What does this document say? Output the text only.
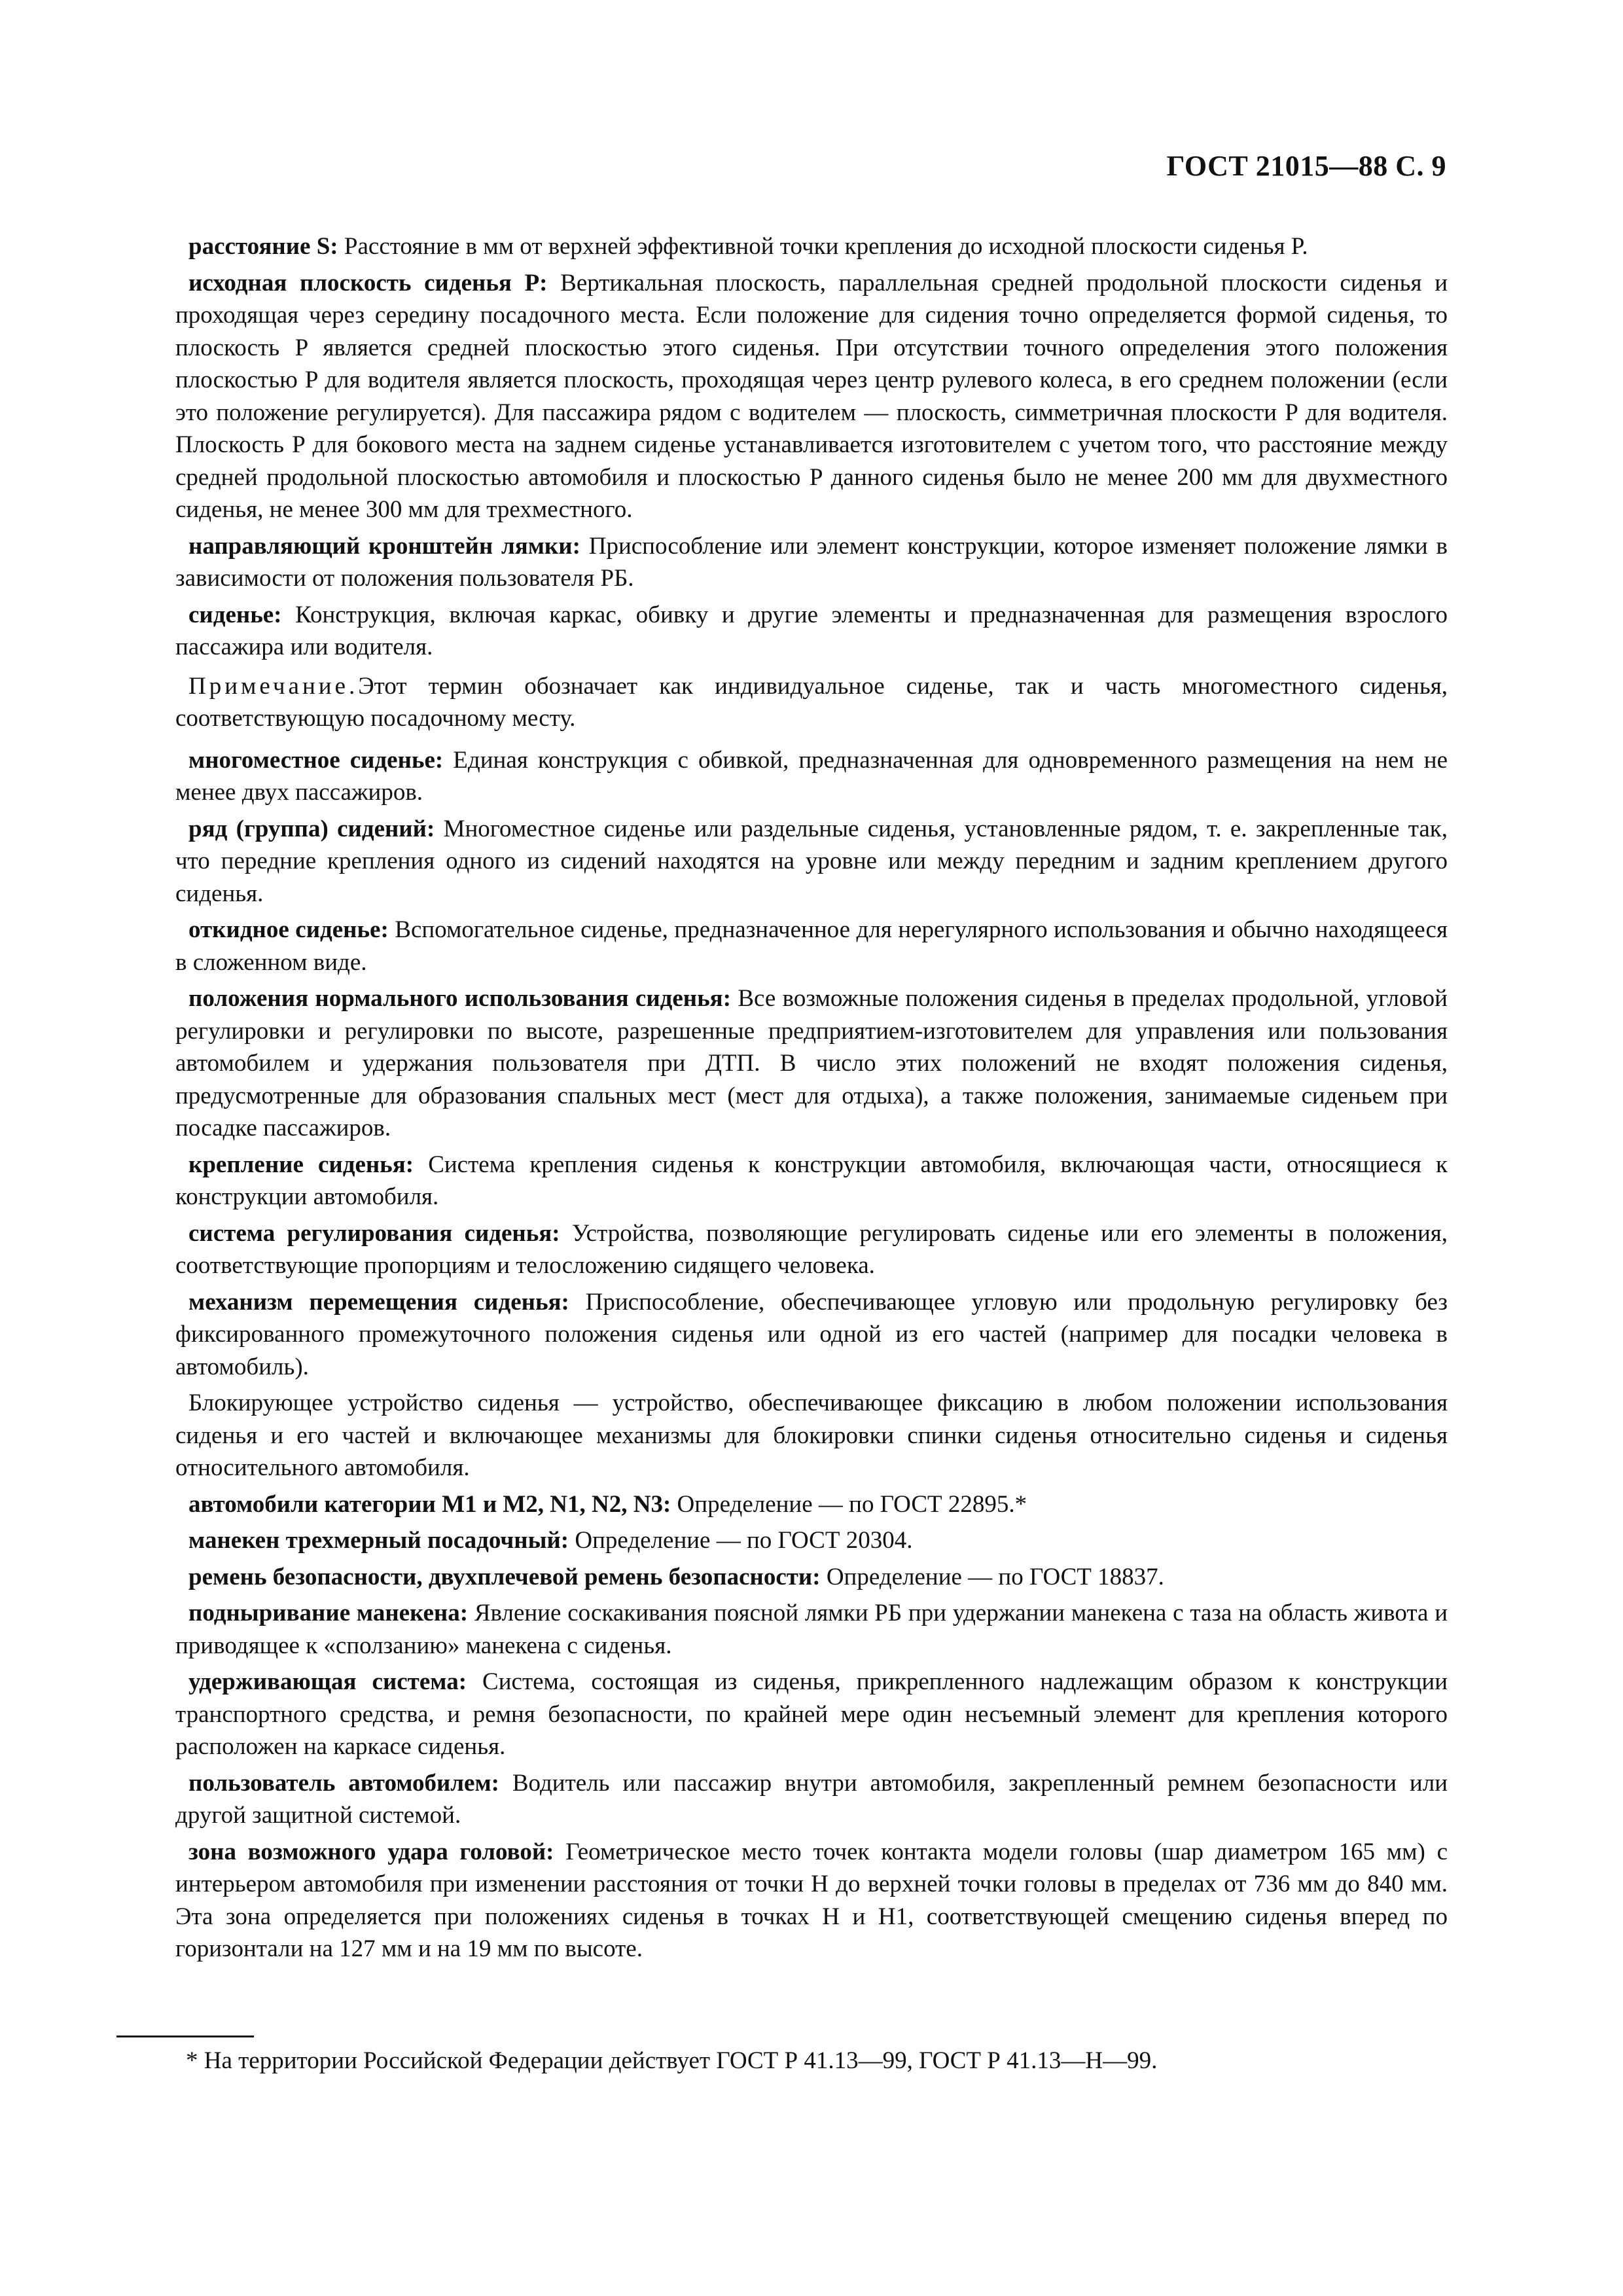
ГОСТ 21015—88 С. 9

расстояние S: Расстояние в мм от верхней эффективной точки крепления до исходной плоскости сиденья P.

исходная плоскость сиденья P: Вертикальная плоскость, параллельная средней продольной плоскости сиденья и проходящая через середину посадочного места. Если положение для сидения точно определяется формой сиденья, то плоскость P является средней плоскостью этого сиденья. При отсутствии точного определения этого положения плоскостью P для водителя является плоскость, проходящая через центр рулевого колеса, в его среднем положении (если это положение регулируется). Для пассажира рядом с водителем — плоскость, симметричная плоскости P для водителя. Плоскость P для бокового места на заднем сиденье устанавливается изготовителем с учетом того, что расстояние между средней продольной плоскостью автомобиля и плоскостью P данного сиденья было не менее 200 мм для двухместного сиденья, не менее 300 мм для трехместного.

направляющий кронштейн лямки: Приспособление или элемент конструкции, которое изменяет положение лямки в зависимости от положения пользователя РБ.

сиденье: Конструкция, включая каркас, обивку и другие элементы и предназначенная для размещения взрослого пассажира или водителя.

Примечание.Этот термин обозначает как индивидуальное сиденье, так и часть многоместного сиденья, соответствующую посадочному месту.

многоместное сиденье: Единая конструкция с обивкой, предназначенная для одновременного размещения на нем не менее двух пассажиров.

ряд (группа) сидений: Многоместное сиденье или раздельные сиденья, установленные рядом, т. е. закрепленные так, что передние крепления одного из сидений находятся на уровне или между передним и задним креплением другого сиденья.

откидное сиденье: Вспомогательное сиденье, предназначенное для нерегулярного использования и обычно находящееся в сложенном виде.

положения нормального использования сиденья: Все возможные положения сиденья в пределах продольной, угловой регулировки и регулировки по высоте, разрешенные предприятием-изготовителем для управления или пользования автомобилем и удержания пользователя при ДТП. В число этих положений не входят положения сиденья, предусмотренные для образования спальных мест (мест для отдыха), а также положения, занимаемые сиденьем при посадке пассажиров.

крепление сиденья: Система крепления сиденья к конструкции автомобиля, включающая части, относящиеся к конструкции автомобиля.

система регулирования сиденья: Устройства, позволяющие регулировать сиденье или его элементы в положения, соответствующие пропорциям и телосложению сидящего человека.

механизм перемещения сиденья: Приспособление, обеспечивающее угловую или продольную регулировку без фиксированного промежуточного положения сиденья или одной из его частей (например для посадки человека в автомобиль).

Блокирующее устройство сиденья — устройство, обеспечивающее фиксацию в любом положении использования сиденья и его частей и включающее механизмы для блокировки спинки сиденья относительно сиденья и сиденья относительного автомобиля.

автомобили категории M1 и M2, N1, N2, N3: Определение — по ГОСТ 22895.*

манекен трехмерный посадочный: Определение — по ГОСТ 20304.

ремень безопасности, двухплечевой ремень безопасности: Определение — по ГОСТ 18837.

подныривание манекена: Явление соскакивания поясной лямки РБ при удержании манекена с таза на область живота и приводящее к «сползанию» манекена с сиденья.

удерживающая система: Система, состоящая из сиденья, прикрепленного надлежащим образом к конструкции транспортного средства, и ремня безопасности, по крайней мере один несъемный элемент для крепления которого расположен на каркасе сиденья.

пользователь автомобилем: Водитель или пассажир внутри автомобиля, закрепленный ремнем безопасности или другой защитной системой.

зона возможного удара головой: Геометрическое место точек контакта модели головы (шар диаметром 165 мм) с интерьером автомобиля при изменении расстояния от точки H до верхней точки головы в пределах от 736 мм до 840 мм. Эта зона определяется при положениях сиденья в точках H и H1, соответствующей смещению сиденья вперед по горизонтали на 127 мм и на 19 мм по высоте.

* На территории Российской Федерации действует ГОСТ Р 41.13—99, ГОСТ Р 41.13—Н—99.
